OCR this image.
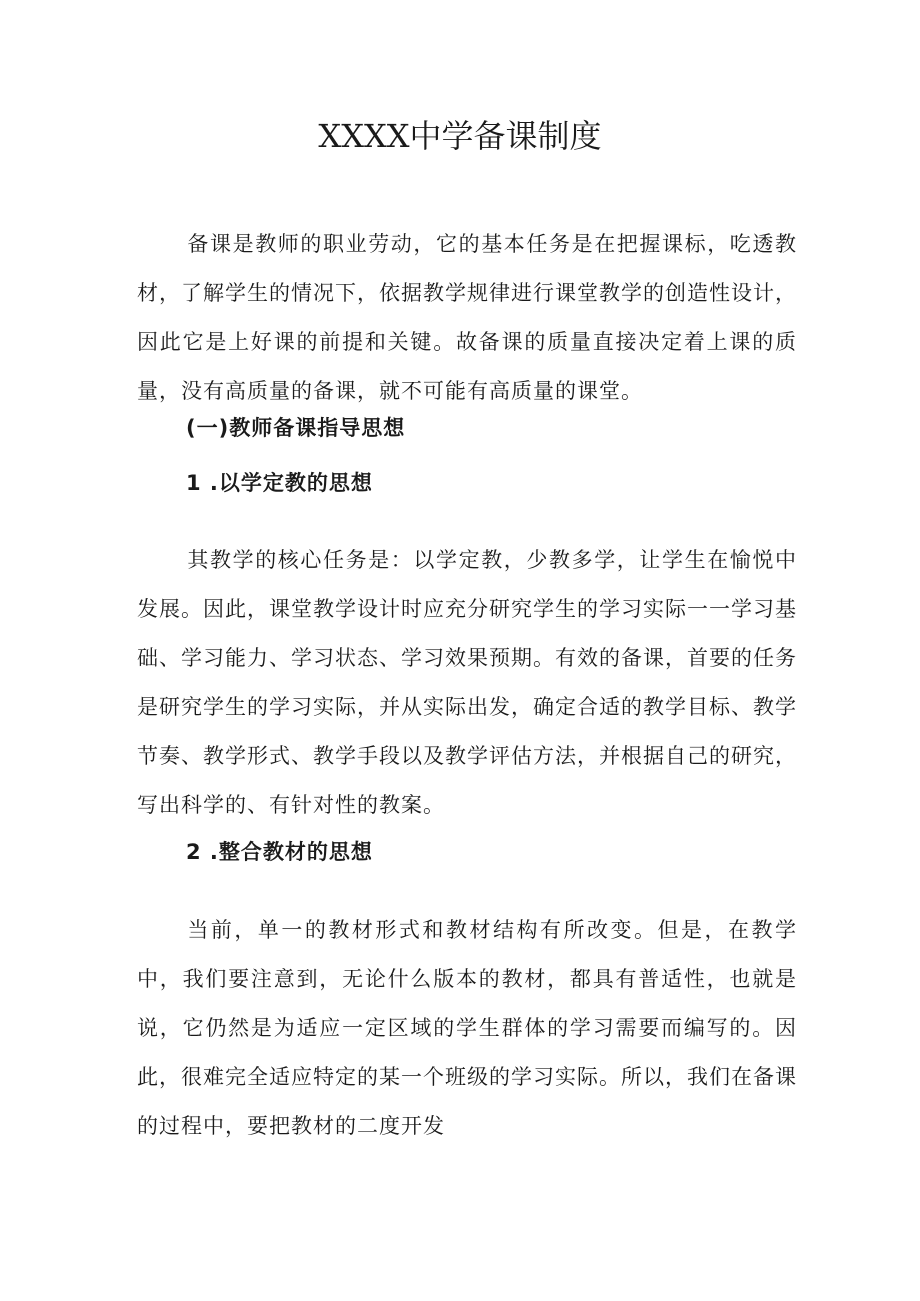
XXXX中学备课制度

备课是教师的职业劳动，它的基本任务是在把握课标，吃透教材，了解学生的情况下，依据教学规律进行课堂教学的创造性设计，因此它是上好课的前提和关键。故备课的质量直接决定着上课的质量，没有高质量的备课，就不可能有高质量的课堂。

(一)教师备课指导思想
1 .以学定教的思想

其教学的核心任务是：以学定教，少教多学，让学生在愉悦中发展。因此，课堂教学设计时应充分研究学生的学习实际一一学习基础、学习能力、学习状态、学习效果预期。有效的备课，首要的任务是研究学生的学习实际，并从实际出发，确定合适的教学目标、教学节奏、教学形式、教学手段以及教学评估方法，并根据自己的研究，写出科学的、有针对性的教案。

2 .整合教材的思想

当前，单一的教材形式和教材结构有所改变。但是，在教学中，我们要注意到，无论什么版本的教材，都具有普适性，也就是说，它仍然是为适应一定区域的学生群体的学习需要而编写的。因此，很难完全适应特定的某一个班级的学习实际。所以，我们在备课的过程中，要把教材的二度开发
